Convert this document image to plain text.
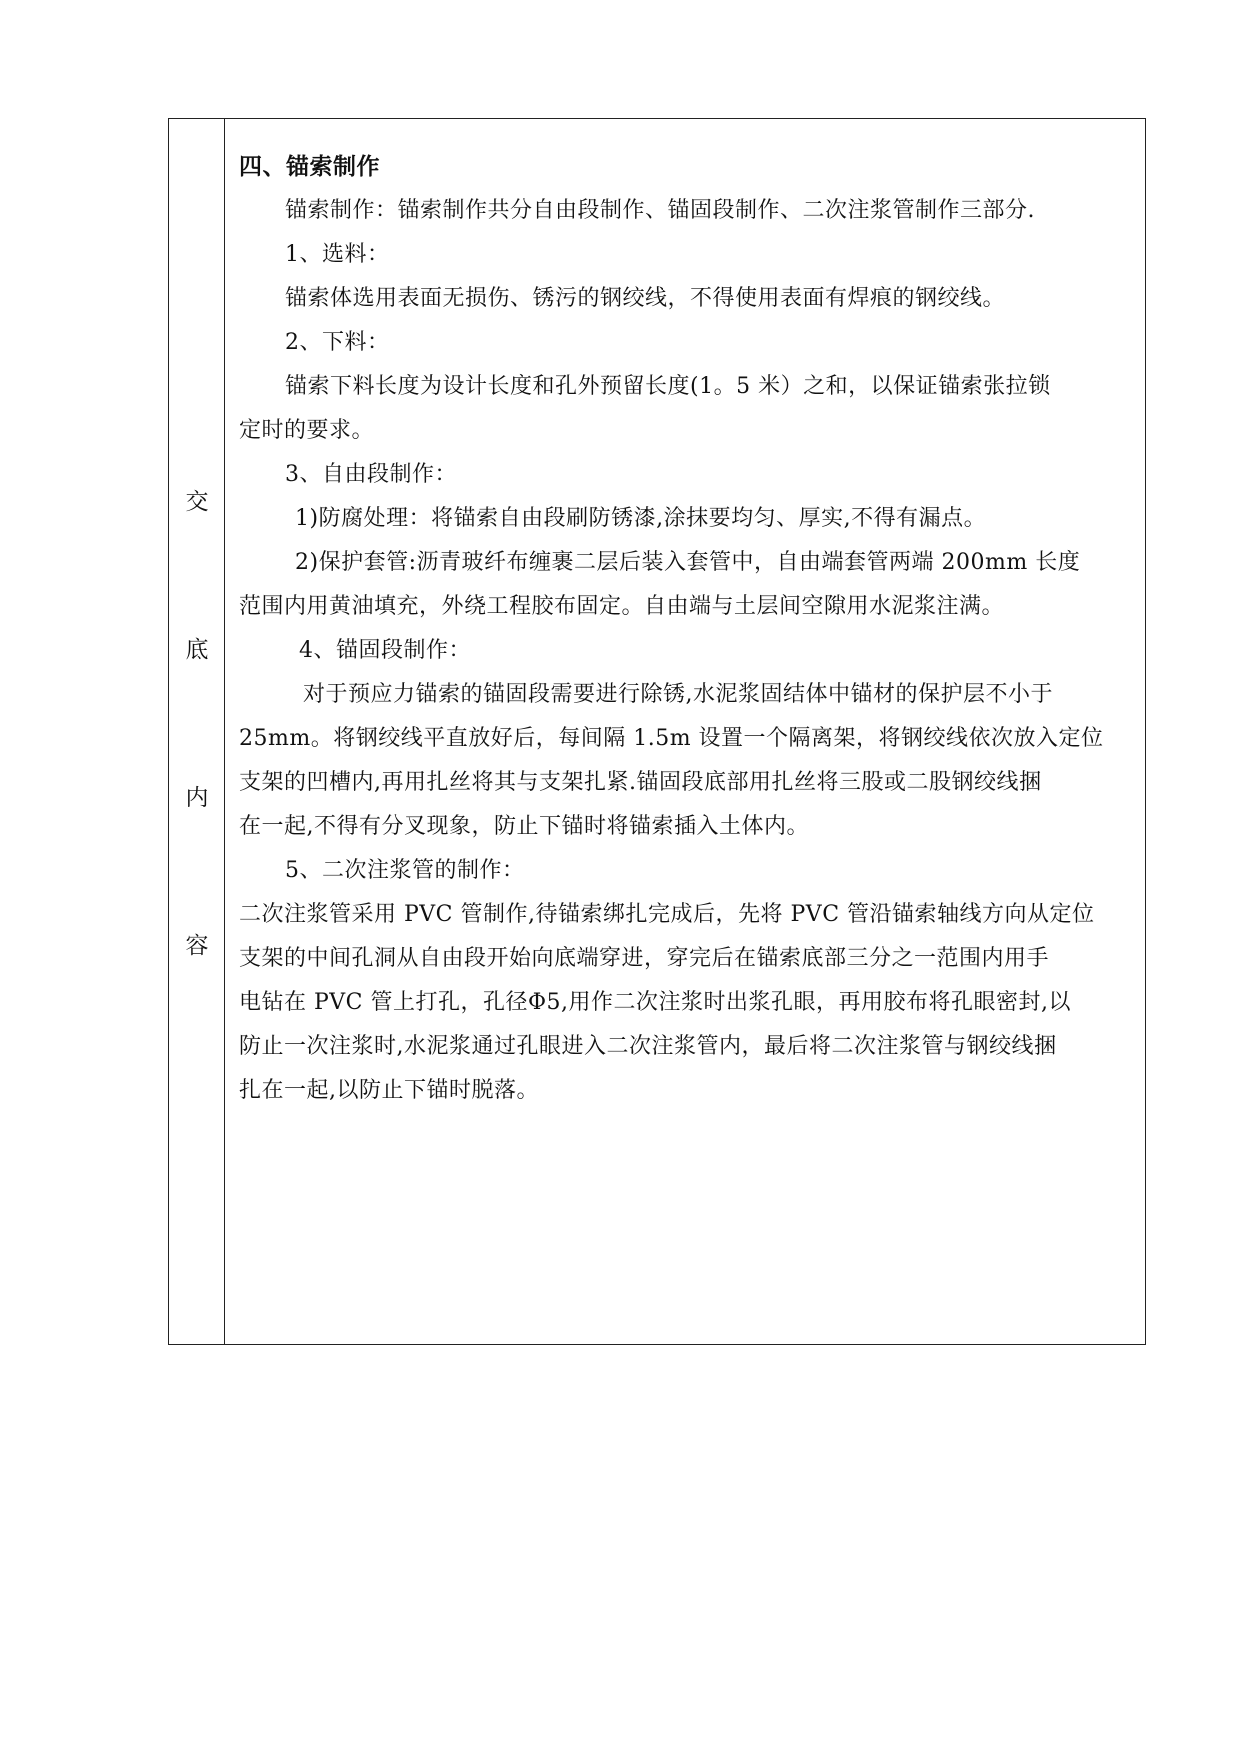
交
底
内
容
四、锚索制作
锚索制作：锚索制作共分自由段制作、锚固段制作、二次注浆管制作三部分.
1、选料：
锚索体选用表面无损伤、锈污的钢绞线，不得使用表面有焊痕的钢绞线。
2、下料：
锚索下料长度为设计长度和孔外预留长度(1。5 米）之和，以保证锚索张拉锁
定时的要求。
3、自由段制作：
1)防腐处理：将锚索自由段刷防锈漆,涂抹要均匀、厚实,不得有漏点。
2)保护套管:沥青玻纤布缠裹二层后装入套管中，自由端套管两端 200mm 长度
范围内用黄油填充，外绕工程胶布固定。自由端与土层间空隙用水泥浆注满。
4、锚固段制作：
对于预应力锚索的锚固段需要进行除锈,水泥浆固结体中锚材的保护层不小于
25mm。将钢绞线平直放好后，每间隔 1.5m 设置一个隔离架，将钢绞线依次放入定位
支架的凹槽内,再用扎丝将其与支架扎紧.锚固段底部用扎丝将三股或二股钢绞线捆
在一起,不得有分叉现象，防止下锚时将锚索插入土体内。
5、二次注浆管的制作：
二次注浆管采用 PVC 管制作,待锚索绑扎完成后，先将 PVC 管沿锚索轴线方向从定位
支架的中间孔洞从自由段开始向底端穿进，穿完后在锚索底部三分之一范围内用手
电钻在 PVC 管上打孔，孔径Φ5,用作二次注浆时出浆孔眼，再用胶布将孔眼密封,以
防止一次注浆时,水泥浆通过孔眼进入二次注浆管内，最后将二次注浆管与钢绞线捆
扎在一起,以防止下锚时脱落。
